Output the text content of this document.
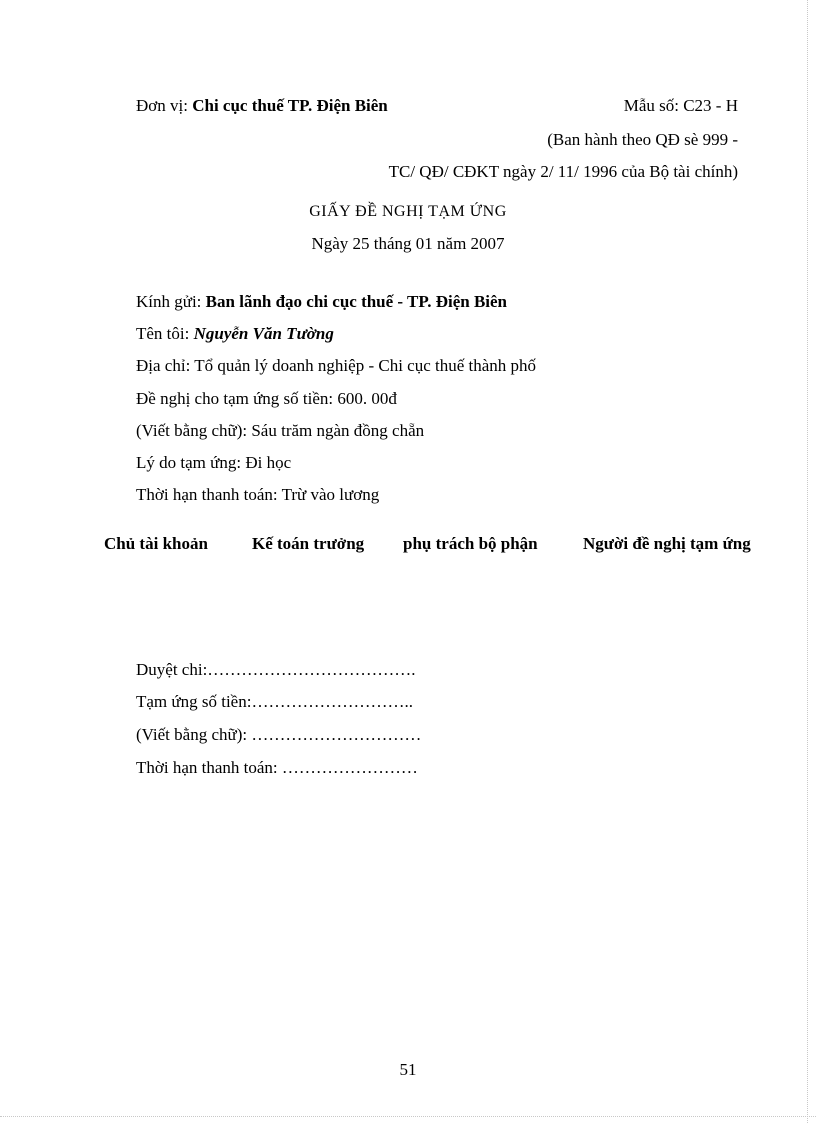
Đơn vị: Chi cục thuế TP. Điện Biên	Mẫu số: C23 - H
(Ban hành theo QĐ sè 999 -
TC/ QĐ/ CĐKT ngày 2/ 11/ 1996 của Bộ tài chính)
GIẤY ĐỀ NGHỊ TẠM ỨNG
Ngày 25 tháng 01 năm 2007
Kính gửi: Ban lãnh đạo chi cục thuế - TP. Điện Biên
Tên tôi: Nguyễn Văn Tường
Địa chỉ: Tổ quản lý doanh nghiệp - Chi cục thuế thành phố
Đề nghị cho tạm ứng số tiền: 600. 00đ
(Viết bằng chữ): Sáu trăm ngàn đồng chẵn
Lý do tạm ứng: Đi học
Thời hạn thanh toán: Trừ vào lương
Chủ tài khoản	Kế toán trưởng phụ trách bộ phận	Người đề nghị tạm ứng
Duyệt chi:……………………………….
Tạm ứng số tiền:………………………..
(Viết bằng chữ): …………………………
Thời hạn thanh toán: ……………………
51
